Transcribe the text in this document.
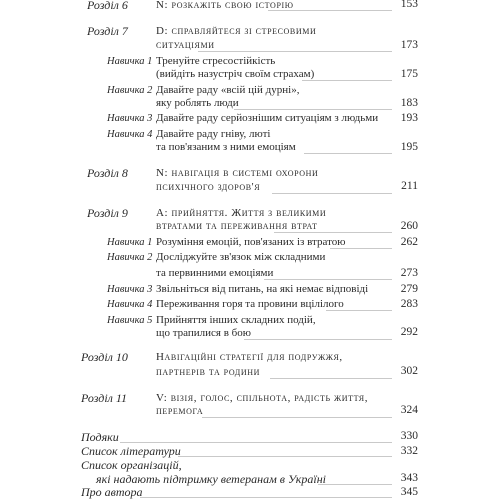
Розділ 6	N: розкажіть свою історію	153
Розділ 7	D: справляйтеся зі стресовими
ситуаціями	173
Навичка 1 Тренуйте стресостійкість
(вийдіть назустріч своїм страхам)	175
Навичка 2 Давайте раду «всій цій дурні»,
яку роблять люди	183
Навичка 3 Давайте раду серйознішим ситуаціям з людьми	193
Навичка 4 Давайте раду гніву, люті
та пов'язаним з ними емоціям	195
Розділ 8	N: навігація в системі охорони
психічного здоров'я	211
Розділ 9	A: прийняття. Життя з великими
втратами та переживання втрат	260
Навичка 1 Розуміння емоцій, пов'язаних із втратою	262
Навичка 2 Досліджуйте зв'язок між складними
та первинними емоціями	273
Навичка 3 Звільніться від питань, на які немає відповіді	279
Навичка 4 Переживання горя та провини вцілілого	283
Навичка 5 Прийняття інших складних подій,
що трапилися в бою	292
Розділ 10	Навігаційні стратегії для подружжя,
партнерів та родини	302
Розділ 11	V: візія, голос, спільнота, радість життя,
перемога	324
Подяки	330
Список літератури	332
Список організацій,
які надають підтримку ветеранам в Україні	343
Про автора	345
